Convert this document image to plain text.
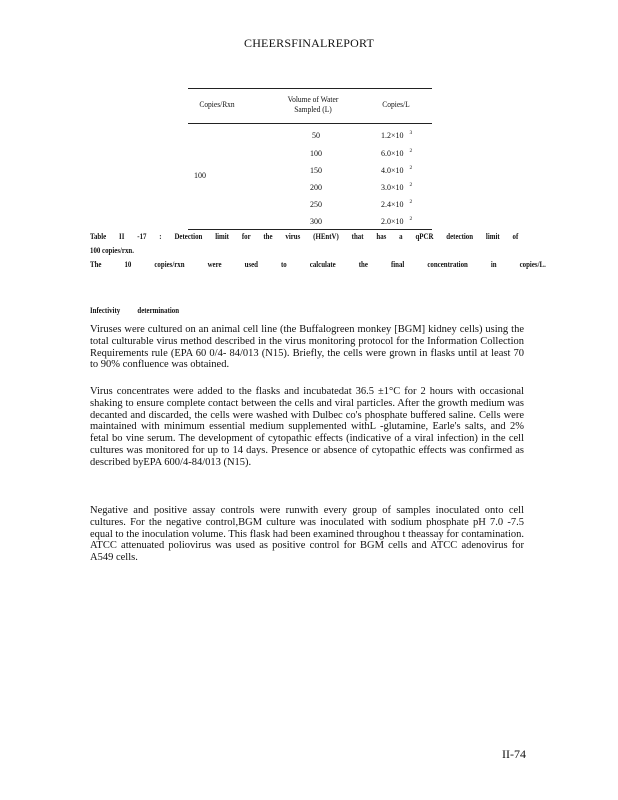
CHEERSFINALREPORT
Copies/Rxn	Volume of Water
Sampled (L)	Copies/L
100
50	1.2×10 $^3$
100	6.0×10 $^2$
150	4.0×10 $^2$
200	3.0×10 $^2$
250	2.4×10 $^2$
300	2.0×10 $^2$
Table II -17 : Detection limit for the virus (HEntV) that has a qPCR detection limit of
100 copies/rxn.
The 10 copies/rxn were used to calculate the final concentration in copies/L.
Infectivity determination
Viruses were cultured on an animal cell line (the Buffalogreen monkey [BGM] kidney cells) using the total culturable virus method described in the virus monitoring protocol for the Information Collection Requirements rule (EPA 60 0/4- 84/013 (N15). Briefly, the cells were grown in flasks until at least 70 to 90% confluence was obtained.
Virus concentrates were added to the flasks and incubatedat 36.5 ±1°C for 2 hours with occasional shaking to ensure complete contact between the cells and viral particles. After the growth medium was decanted and discarded, the cells were washed with Dulbec co's phosphate buffered saline. Cells were maintained with minimum essential medium supplemented withL -glutamine, Earle's salts, and 2% fetal bo vine serum. The development of cytopathic effects (indicative of a viral infection) in the cell cultures was monitored for up to 14 days. Presence or absence of cytopathic effects was confirmed as described byEPA 600/4-84/013 (N15).
Negative and positive assay controls were runwith every group of samples inoculated onto cell cultures. For the negative control,BGM culture was inoculated with sodium phosphate pH 7.0 -7.5 equal to the inoculation volume. This flask had been examined throughou t theassay for contamination. ATCC attenuated poliovirus was used as positive control for BGM cells and ATCC adenovirus for A549 cells.
II-74
